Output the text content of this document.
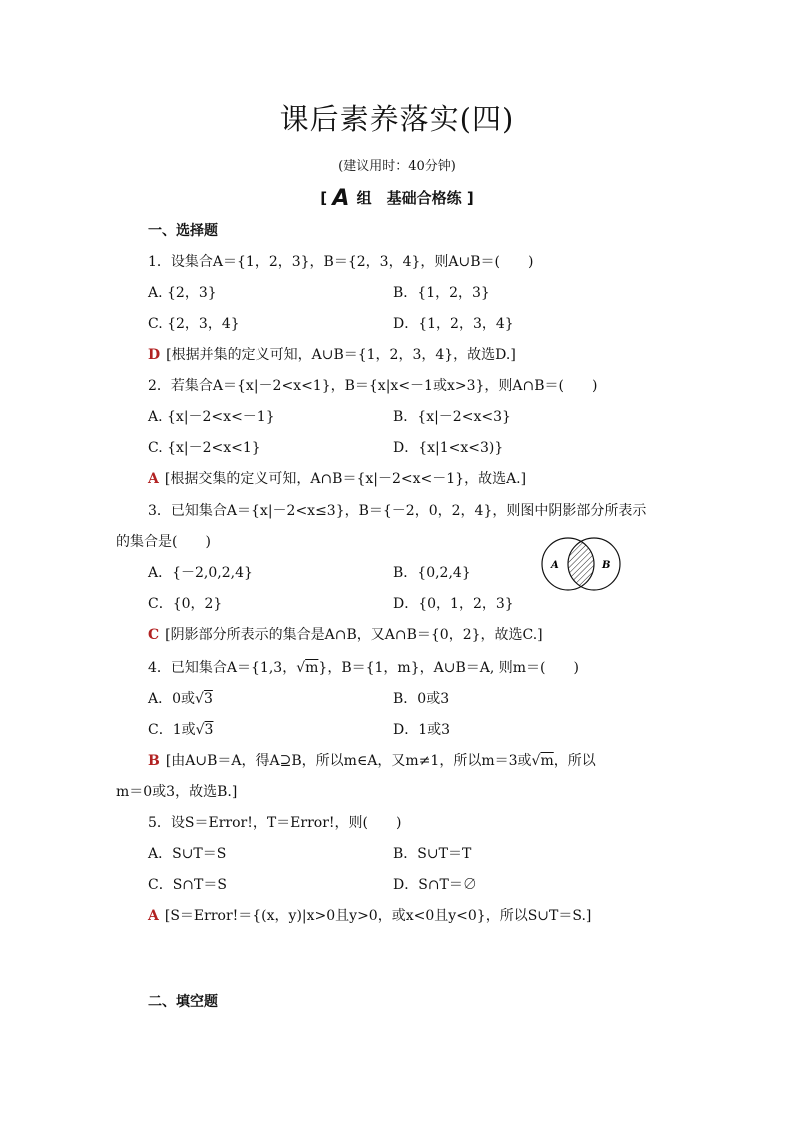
课后素养落实(四)
(建议用时：40分钟)
[ A 组　基础合格练 ]
一、选择题
1．设集合A＝{1，2，3}，B＝{2，3，4}，则A∪B＝(　　)
A. {2，3}	B．{1，2，3}
C. {2，3，4}	D．{1，2，3，4}
D [根据并集的定义可知，A∪B＝{1，2，3，4}，故选D.]
2．若集合A＝{x|－2<x<1}，B＝{x|x<－1或x>3}，则A∩B＝(　　)
A. {x|－2<x<－1}	B．{x|－2<x<3}
C. {x|－2<x<1}	D．{x|1<x<3)}
A [根据交集的定义可知，A∩B＝{x|－2<x<－1}，故选A.]
3．已知集合A＝{x|－2<x≤3}，B＝{－2，0，2，4}，则图中阴影部分所表示
的集合是(　　)
A．{－2,0,2,4}	B．{0,2,4}
C．{0，2}	D．{0，1，2，3}
C [阴影部分所表示的集合是A∩B，又A∩B＝{0，2}，故选C.]
A	B
4．已知集合A＝{1,3，√m}，B＝{1，m}，A∪B＝A, 则m＝(　　)
A．0或√3	B．0或3
C．1或√3	D．1或3
B [由A∪B＝A，得A⊇B，所以m∈A，又m≠1，所以m＝3或√m，所以
m＝0或3，故选B.]
5．设S＝Error!，T＝Error!，则(　　)
A．S∪T＝S	B．S∪T＝T
C．S∩T＝S	D．S∩T＝∅
A [S＝Error!＝{(x，y)|x>0且y>0，或x<0且y<0}，所以S∪T＝S.]
二、填空题
